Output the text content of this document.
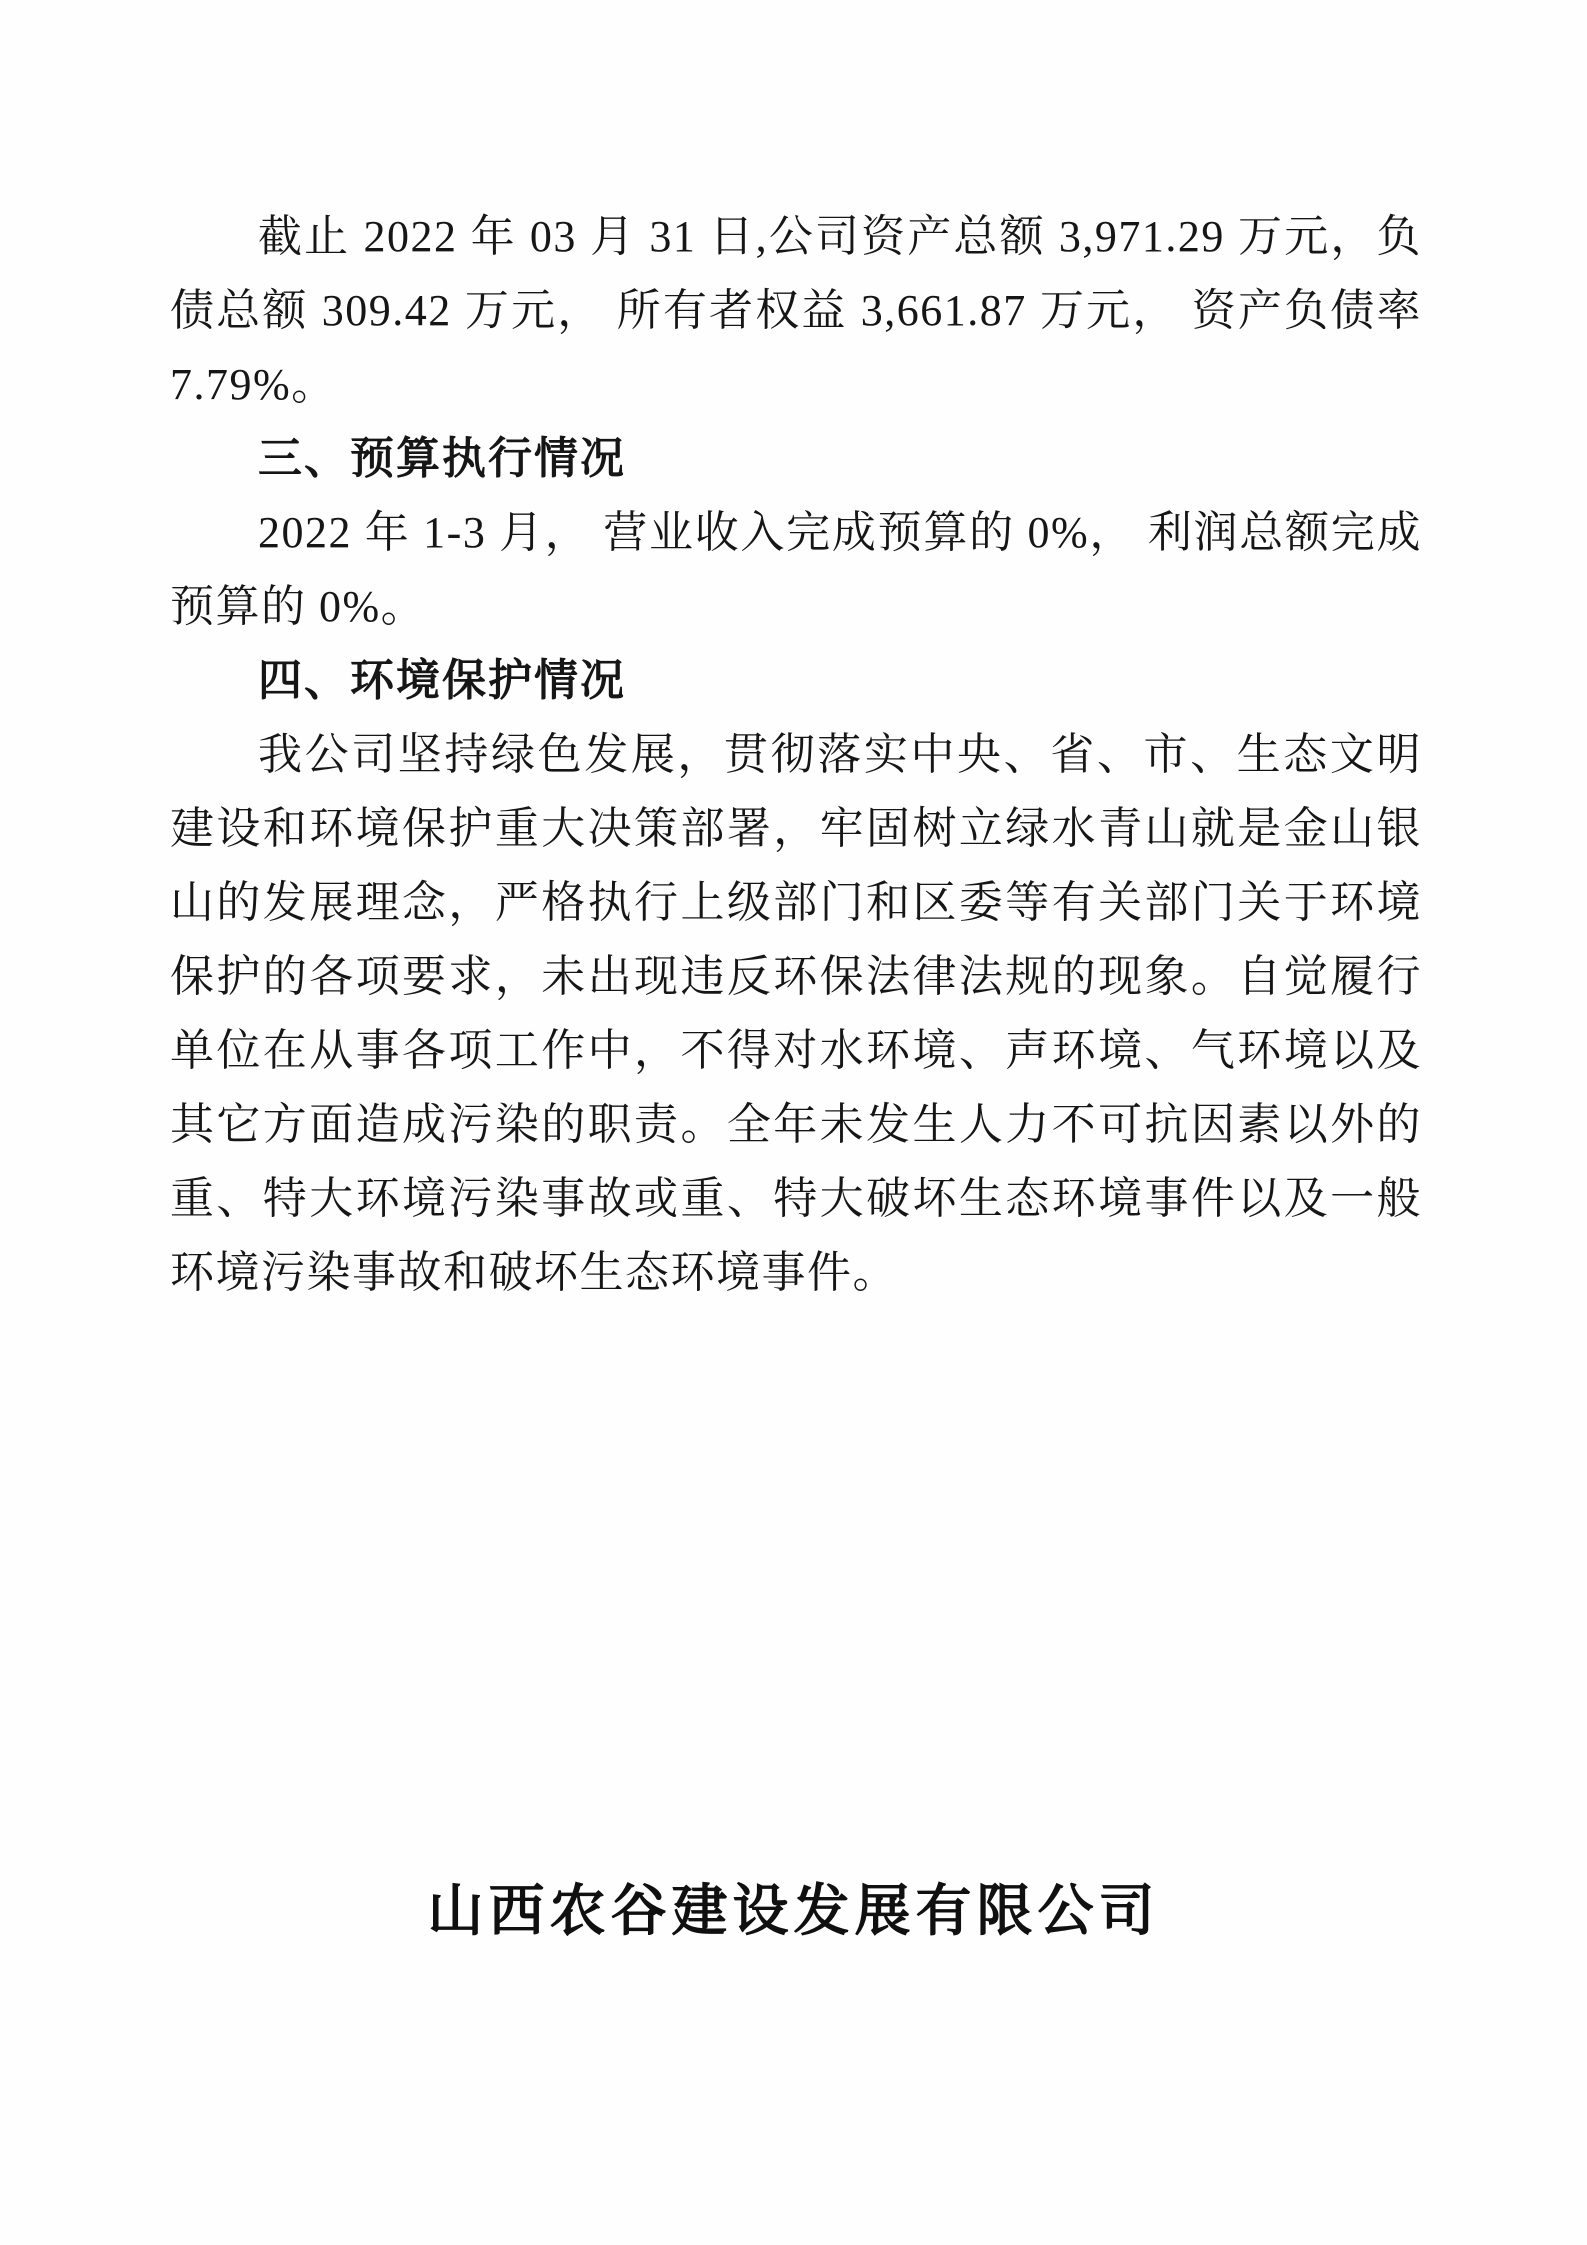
截止 2022 年 03 月 31 日,公司资产总额 3,971.29 万元，负债总额 309.42 万元， 所有者权益 3,661.87 万元， 资产负债率 7.79%。

三、预算执行情况

2022 年 1-3 月， 营业收入完成预算的 0%， 利润总额完成预算的 0%。

四、环境保护情况

我公司坚持绿色发展，贯彻落实中央、省、市、生态文明建设和环境保护重大决策部署，牢固树立绿水青山就是金山银山的发展理念，严格执行上级部门和区委等有关部门关于环境保护的各项要求，未出现违反环保法律法规的现象。自觉履行单位在从事各项工作中，不得对水环境、声环境、气环境以及其它方面造成污染的职责。全年未发生人力不可抗因素以外的重、特大环境污染事故或重、特大破坏生态环境事件以及一般环境污染事故和破坏生态环境事件。

山西农谷建设发展有限公司
